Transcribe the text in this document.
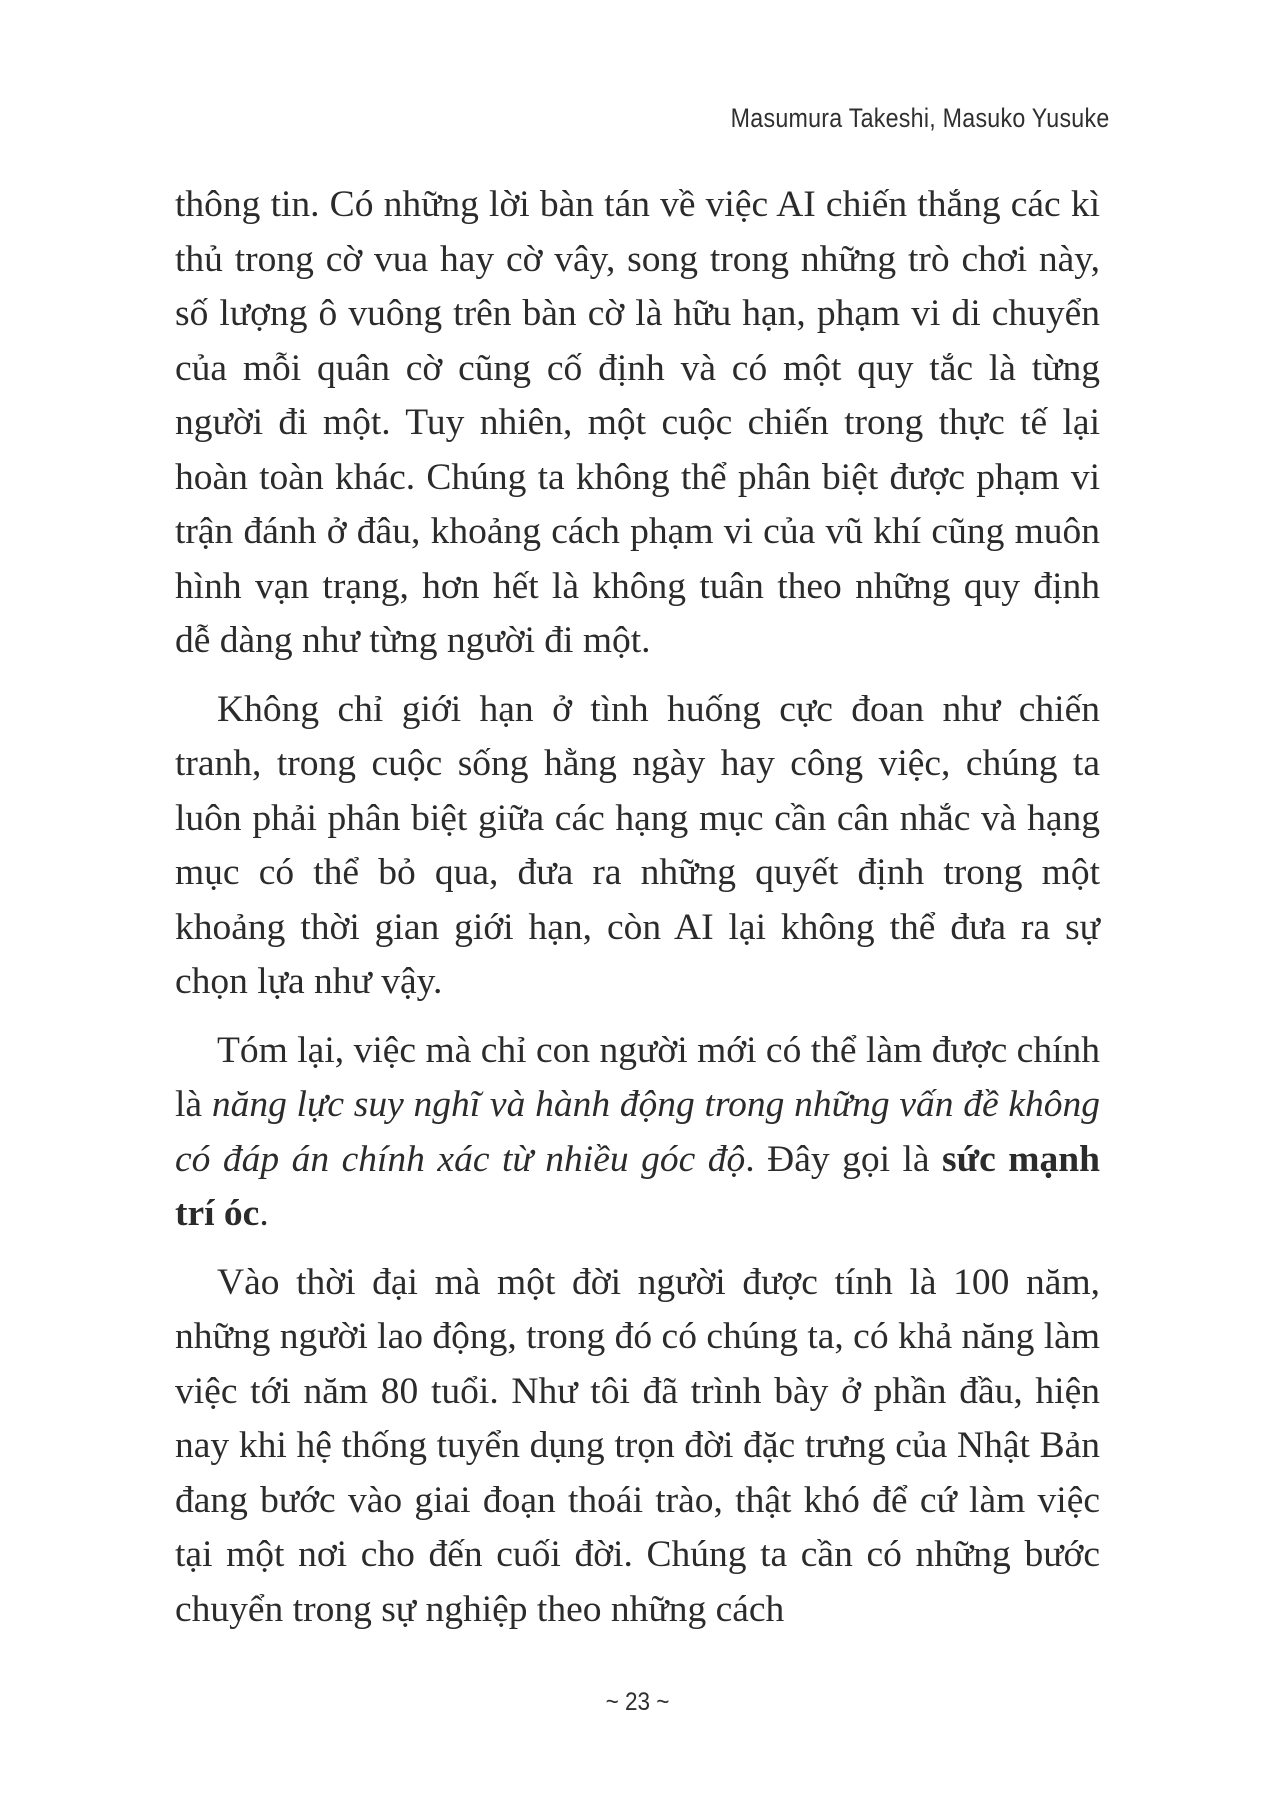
Masumura Takeshi, Masuko Yusuke

thông tin. Có những lời bàn tán về việc AI chiến thắng các kì thủ trong cờ vua hay cờ vây, song trong những trò chơi này, số lượng ô vuông trên bàn cờ là hữu hạn, phạm vi di chuyển của mỗi quân cờ cũng cố định và có một quy tắc là từng người đi một. Tuy nhiên, một cuộc chiến trong thực tế lại hoàn toàn khác. Chúng ta không thể phân biệt được phạm vi trận đánh ở đâu, khoảng cách phạm vi của vũ khí cũng muôn hình vạn trạng, hơn hết là không tuân theo những quy định dễ dàng như từng người đi một.

Không chỉ giới hạn ở tình huống cực đoan như chiến tranh, trong cuộc sống hằng ngày hay công việc, chúng ta luôn phải phân biệt giữa các hạng mục cần cân nhắc và hạng mục có thể bỏ qua, đưa ra những quyết định trong một khoảng thời gian giới hạn, còn AI lại không thể đưa ra sự chọn lựa như vậy.

Tóm lại, việc mà chỉ con người mới có thể làm được chính là năng lực suy nghĩ và hành động trong những vấn đề không có đáp án chính xác từ nhiều góc độ. Đây gọi là sức mạnh trí óc.

Vào thời đại mà một đời người được tính là 100 năm, những người lao động, trong đó có chúng ta, có khả năng làm việc tới năm 80 tuổi. Như tôi đã trình bày ở phần đầu, hiện nay khi hệ thống tuyển dụng trọn đời đặc trưng của Nhật Bản đang bước vào giai đoạn thoái trào, thật khó để cứ làm việc tại một nơi cho đến cuối đời. Chúng ta cần có những bước chuyển trong sự nghiệp theo những cách

~ 23 ~
